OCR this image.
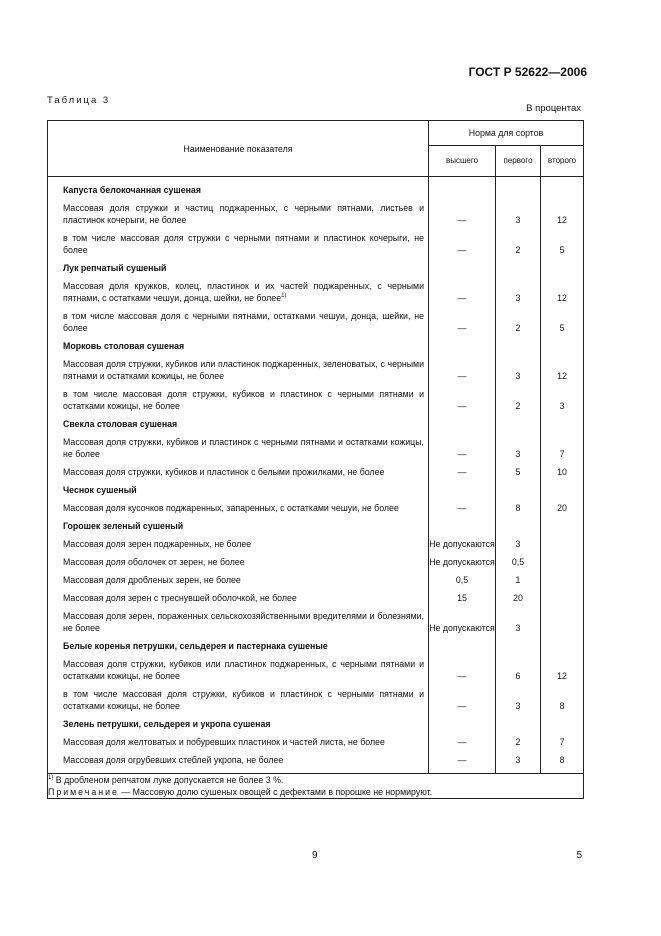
ГОСТ Р 52622—2006
Таблица 3
В процентах
Наименование показателя	Норма для сортов		
	высшего	первого	второго

Капуста белокочанная сушеная			
Массовая доля стружки и частиц поджаренных, с черными пятнами, листьев и пластинок кочерыги, не более	—	3	12
в том числе массовая доля стружки с черными пятнами и пластинок кочерыги, не более	—	2	5
Лук репчатый сушеный			
Массовая доля кружков, колец, пластинок и их частей поджаренных, с черными пятнами, с остатками чешуи, донца, шейки, не более$^{1)}$	—	3	12
в том числе массовая доля с черными пятнами, остатками чешуи, донца, шейки, не более	—	2	5
Морковь столовая сушеная			
Массовая доля стружки, кубиков или пластинок поджаренных, зеленоватых, с черными пятнами и остатками кожицы, не более	—	3	12
в том числе массовая доля стружки, кубиков и пластинок с черными пятнами и остатками кожицы, не более	—	2	3
Свекла столовая сушеная			
Массовая доля стружки, кубиков и пластинок с черными пятнами и остатками кожицы, не более	—	3	7
Массовая доля стружки, кубиков и пластинок с белыми прожилками, не более	—	5	10
Чеснок сушеный			
Массовая доля кусочков поджаренных, запаренных, с остатками чешуи, не более	—	8	20
Горошек зеленый сушеный			
Массовая доля зерен поджаренных, не более	Не допускаются	3	
Массовая доля оболочек от зерен, не более	Не допускаются	0,5	
Массовая доля дробленых зерен, не более	0,5	1	
Массовая доля зерен с треснувшей оболочкой, не более	15	20	
Массовая доля зерен, пораженных сельскохозяйственными вредителями и болезнями, не более	Не допускаются	3	
Белые коренья петрушки, сельдерея и пастернака сушеные			
Массовая доля стружки, кубиков или пластинок поджаренных, с черными пятнами и остатками кожицы, не более	—	6	12
в том числе массовая доля стружки, кубиков и пластинок с черными пятнами и остатками кожицы, не более	—	3	8
Зелень петрушки, сельдерея и укропа сушеная			
Массовая доля желтоватых и побуревших пластинок и частей листа, не более	—	2	7
Массовая доля огрубевших стеблей укропа, не более	—	3	8

$^{1)}$ В дробленом репчатом луке допускается не более 3 %.			
Примечание — Массовую долю сушеных овощей с дефектами в порошке не нормируют.			
9	5
